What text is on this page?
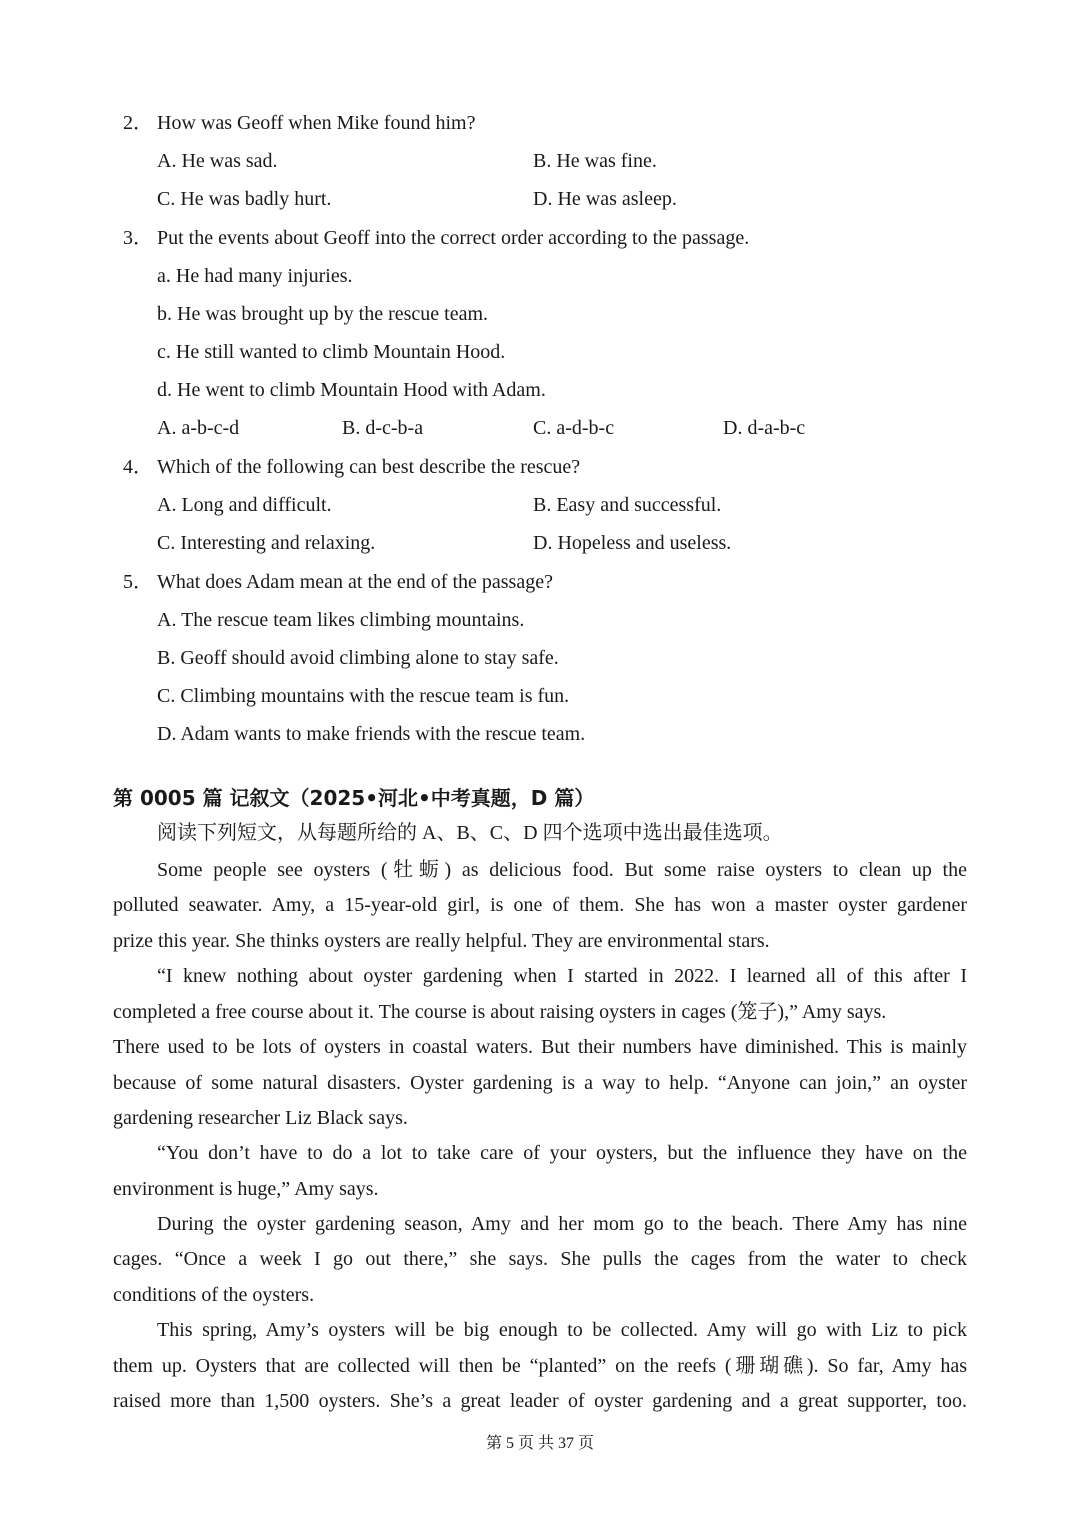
2． How was Geoff when Mike found him?
A. He was sad.	B. He was fine.
C. He was badly hurt.	D. He was asleep.
3． Put the events about Geoff into the correct order according to the passage.
a. He had many injuries.
b. He was brought up by the rescue team.
c. He still wanted to climb Mountain Hood.
d. He went to climb Mountain Hood with Adam.
A. a-b-c-d	B. d-c-b-a	C. a-d-b-c	D. d-a-b-c
4． Which of the following can best describe the rescue?
A. Long and difficult.	B. Easy and successful.
C. Interesting and relaxing.	D. Hopeless and useless.
5． What does Adam mean at the end of the passage?
A. The rescue team likes climbing mountains.
B. Geoff should avoid climbing alone to stay safe.
C. Climbing mountains with the rescue team is fun.
D. Adam wants to make friends with the rescue team.
第 0005 篇 记叙文（2025•河北•中考真题，D 篇）
阅读下列短文，从每题所给的 A、B、C、D 四个选项中选出最佳选项。
Some people see oysters (牡蛎) as delicious food. But some raise oysters to clean up the
polluted seawater. Amy, a 15-year-old girl, is one of them. She has won a master oyster gardener
prize this year. She thinks oysters are really helpful. They are environmental stars.
“I knew nothing about oyster gardening when I started in 2022. I learned all of this after I
completed a free course about it. The course is about raising oysters in cages (笼子),” Amy says.
There used to be lots of oysters in coastal waters. But their numbers have diminished. This is mainly
because of some natural disasters. Oyster gardening is a way to help. “Anyone can join,” an oyster
gardening researcher Liz Black says.
“You don’t have to do a lot to take care of your oysters, but the influence they have on the
environment is huge,” Amy says.
During the oyster gardening season, Amy and her mom go to the beach. There Amy has nine
cages. “Once a week I go out there,” she says. She pulls the cages from the water to check
conditions of the oysters.
This spring, Amy’s oysters will be big enough to be collected. Amy will go with Liz to pick
them up. Oysters that are collected will then be “planted” on the reefs (珊瑚礁). So far, Amy has
raised more than 1,500 oysters. She’s a great leader of oyster gardening and a great supporter, too.
第 5 页 共 37 页
